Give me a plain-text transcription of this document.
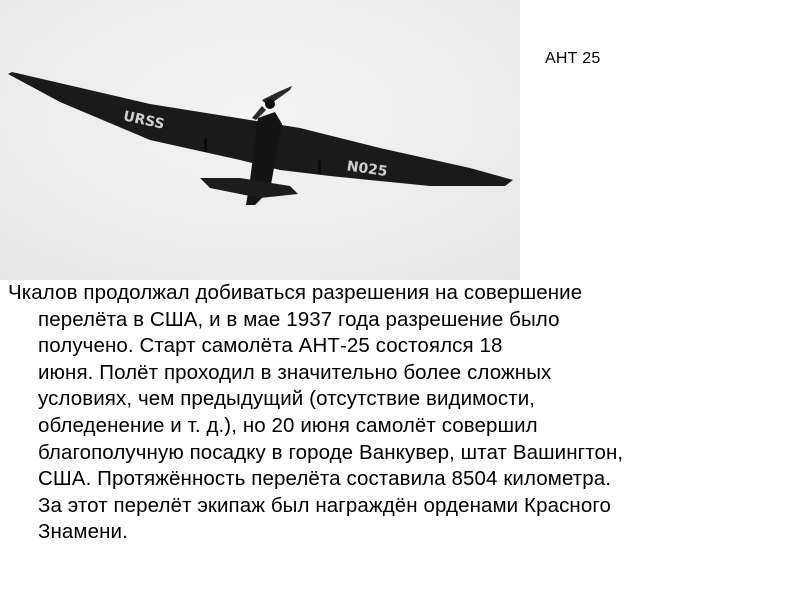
URSS
N025
АНТ 25

Чкалов продолжал добиваться разрешения на совершение
перелёта в США, и в мае 1937 года разрешение было
получено. Старт самолёта АНТ-25 состоялся 18
июня. Полёт проходил в значительно более сложных
условиях, чем предыдущий (отсутствие видимости,
обледенение и т. д.), но 20 июня самолёт совершил
благополучную посадку в городе Ванкувер, штат Вашингтон,
США. Протяжённость перелёта составила 8504 километра.
За этот перелёт экипаж был награждён орденами Красного
Знамени.
